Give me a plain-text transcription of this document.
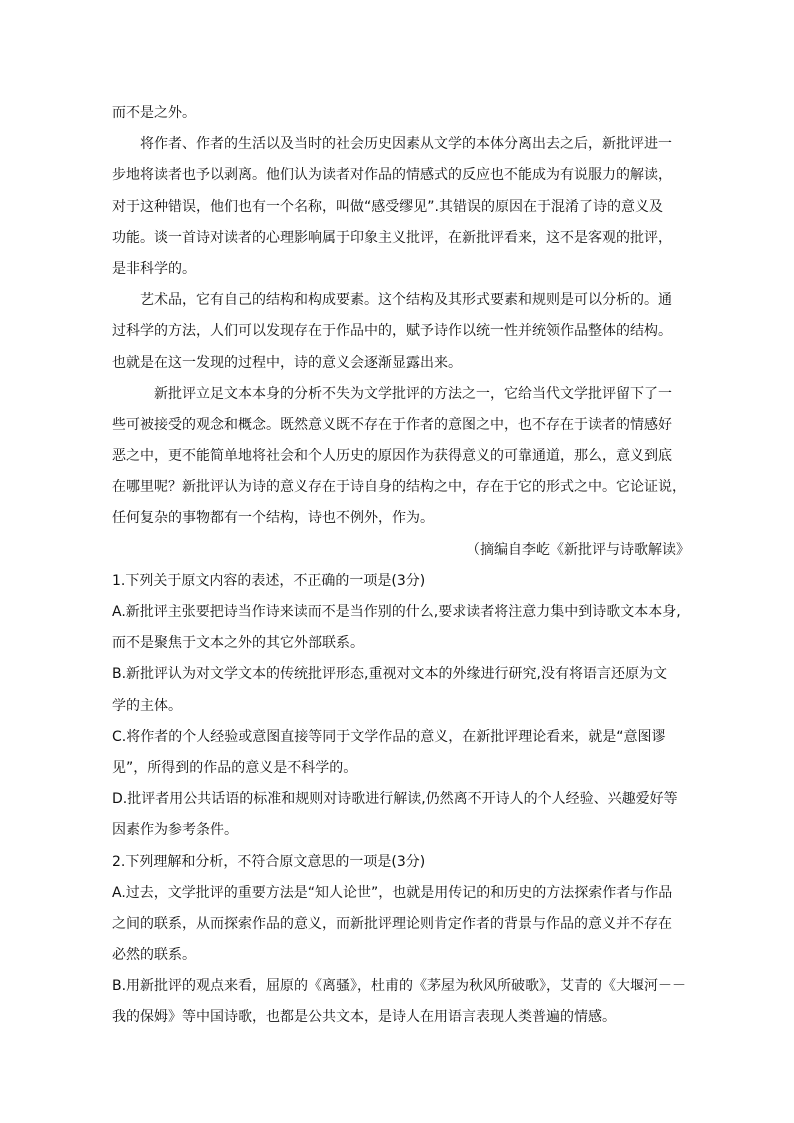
而不是之外。
将作者、作者的生活以及当时的社会历史因素从文学的本体分离出去之后，新批评进一
步地将读者也予以剥离。他们认为读者对作品的情感式的反应也不能成为有说服力的解读，
对于这种错误，他们也有一个名称，叫做“感受缪见”.其错误的原因在于混淆了诗的意义及
功能。谈一首诗对读者的心理影响属于印象主义批评，在新批评看来，这不是客观的批评，
是非科学的。
艺术品，它有自己的结构和构成要素。这个结构及其形式要素和规则是可以分析的。通
过科学的方法，人们可以发现存在于作品中的，赋予诗作以统一性并统领作品整体的结构。
也就是在这一发现的过程中，诗的意义会逐渐显露出来。
新批评立足文本本身的分析不失为文学批评的方法之一，它给当代文学批评留下了一
些可被接受的观念和概念。既然意义既不存在于作者的意图之中，也不存在于读者的情感好
恶之中，更不能简单地将社会和个人历史的原因作为获得意义的可靠通道，那么，意义到底
在哪里呢？新批评认为诗的意义存在于诗自身的结构之中，存在于它的形式之中。它论证说，
任何复杂的事物都有一个结构，诗也不例外，作为。
（摘编自李屹《新批评与诗歌解读》
1.下列关于原文内容的表述，不正确的一项是(3分)
A.新批评主张要把诗当作诗来读而不是当作别的什么,要求读者将注意力集中到诗歌文本本身,
而不是聚焦于文本之外的其它外部联系。
B.新批评认为对文学文本的传统批评形态,重视对文本的外缘进行研究,没有将语言还原为文
学的主体。
C.将作者的个人经验或意图直接等同于文学作品的意义，在新批评理论看来，就是“意图谬
见”，所得到的作品的意义是不科学的。
D.批评者用公共话语的标准和规则对诗歌进行解读,仍然离不开诗人的个人经验、兴趣爱好等
因素作为参考条件。
2.下列理解和分析，不符合原文意思的一项是(3分)
A.过去，文学批评的重要方法是“知人论世”，也就是用传记的和历史的方法探索作者与作品
之间的联系，从而探索作品的意义，而新批评理论则肯定作者的背景与作品的意义并不存在
必然的联系。
B.用新批评的观点来看，屈原的《离骚》，杜甫的《茅屋为秋风所破歌》，艾青的《大堰河－－
我的保姆》等中国诗歌，也都是公共文本，是诗人在用语言表现人类普遍的情感。
